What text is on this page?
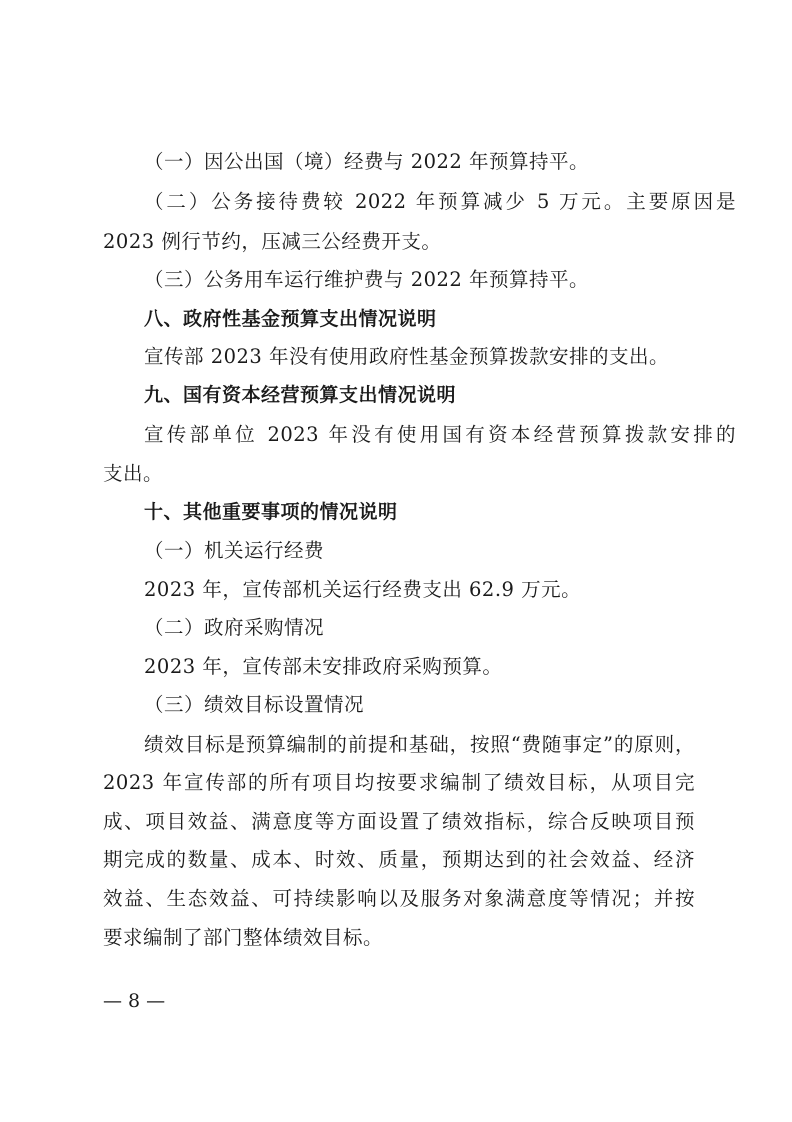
（一）因公出国（境）经费与 2022 年预算持平。
（二）公务接待费较 2022 年预算减少 5 万元。主要原因是
2023 例行节约，压减三公经费开支。
（三）公务用车运行维护费与 2022 年预算持平。
八、政府性基金预算支出情况说明
宣传部 2023 年没有使用政府性基金预算拨款安排的支出。
九、国有资本经营预算支出情况说明
宣传部单位 2023 年没有使用国有资本经营预算拨款安排的
支出。
十、其他重要事项的情况说明
（一）机关运行经费
2023 年，宣传部机关运行经费支出 62.9 万元。
（二）政府采购情况
2023 年，宣传部未安排政府采购预算。
（三）绩效目标设置情况
绩效目标是预算编制的前提和基础，按照“费随事定”的原则，
2023 年宣传部的所有项目均按要求编制了绩效目标，从项目完
成、项目效益、满意度等方面设置了绩效指标，综合反映项目预
期完成的数量、成本、时效、质量，预期达到的社会效益、经济
效益、生态效益、可持续影响以及服务对象满意度等情况；并按
要求编制了部门整体绩效目标。
— 8 —
